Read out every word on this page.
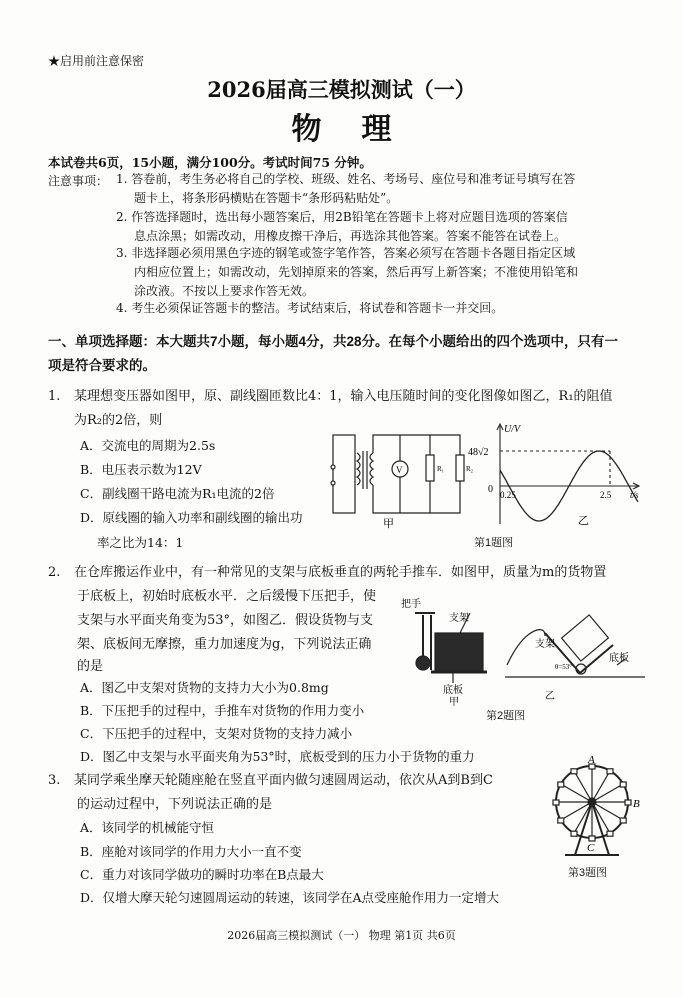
★启用前注意保密
2026届高三模拟测试（一）
物理
本试卷共6页，15小题，满分100分。考试时间75 分钟。
注意事项： 1. 答卷前，考生务必将自己的学校、班级、姓名、考场号、座位号和准考证号填写在答
题卡上，将条形码横贴在答题卡“条形码粘贴处”。
2. 作答选择题时，选出每小题答案后，用2B铅笔在答题卡上将对应题目选项的答案信
息点涂黑；如需改动，用橡皮擦干净后，再选涂其他答案。答案不能答在试卷上。
3. 非选择题必须用黑色字迹的钢笔或签字笔作答，答案必须写在答题卡各题目指定区域
内相应位置上；如需改动，先划掉原来的答案，然后再写上新答案；不准使用铅笔和
涂改液。不按以上要求作答无效。
4. 考生必须保证答题卡的整洁。考试结束后，将试卷和答题卡一并交回。
一、单项选择题：本大题共7小题，每小题4分，共28分。在每个小题给出的四个选项中，只有一
项是符合要求的。
1. 某理想变压器如图甲，原、副线圈匝数比4：1，输入电压随时间的变化图像如图乙，R₁的阻值
为R₂的2倍，则
A．交流电的周期为2.5s
B．电压表示数为12V
C．副线圈干路电流为R₁电流的2倍
D．原线圈的输入功率和副线圈的输出功
率之比为14：1
V	R₁	R₂
甲
U/V
48√2
0 0.25	2.5 t/s
乙
第1题图
2. 在仓库搬运作业中，有一种常见的支架与底板垂直的两轮手推车．如图甲，质量为m的货物置
于底板上，初始时底板水平．之后缓慢下压把手，使
支架与水平面夹角变为53°，如图乙．假设货物与支
架、底板间无摩擦，重力加速度为g，下列说法正确
的是
A．图乙中支架对货物的支持力大小为0.8mg
B．下压把手的过程中，手推车对货物的作用力变小
C．下压把手的过程中，支架对货物的支持力减小
D．图乙中支架与水平面夹角为53°时，底板受到的压力小于货物的重力
把手
支架
底板
甲
支架
θ=53°
底板
乙
第2题图
3. 某同学乘坐摩天轮随座舱在竖直平面内做匀速圆周运动，依次从A到B到C
的运动过程中，下列说法正确的是
A．该同学的机械能守恒
B．座舱对该同学的作用力大小一直不变
C．重力对该同学做功的瞬时功率在B点最大
D．仅增大摩天轮匀速圆周运动的转速，该同学在A点受座舱作用力一定增大
A
B
C
第3题图
2026届高三模拟测试（一） 物理 第1页 共6页
